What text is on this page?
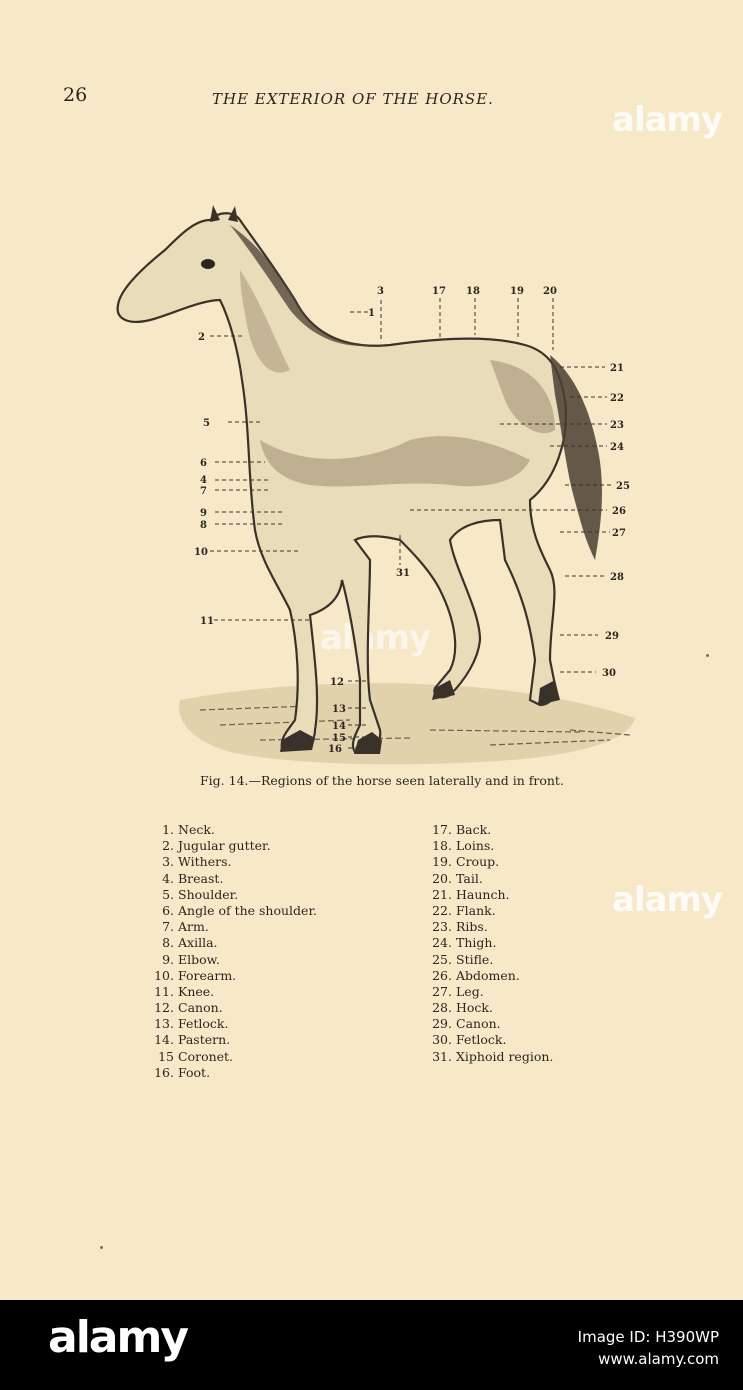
26	THE EXTERIOR OF THE HORSE.
alamy
alamy
alamy
2
5
6
4
7
9
8
10
11
12
13
14
15
16
3
1
17 18	19 20
21
22
23
24
25
26
27
28
29
30
31
Fig. 14.—Regions of the horse seen laterally and in front.
1. Neck.
2. Jugular gutter.
3. Withers.
4. Breast.
5. Shoulder.
6. Angle of the shoulder.
7. Arm.
8. Axilla.
9. Elbow.
10. Forearm.
11. Knee.
12. Canon.
13. Fetlock.
14. Pastern.
15 Coronet.
16. Foot.
17. Back.
18. Loins.
19. Croup.
20. Tail.
21. Haunch.
22. Flank.
23. Ribs.
24. Thigh.
25. Stifle.
26. Abdomen.
27. Leg.
28. Hock.
29. Canon.
30. Fetlock.
31. Xiphoid region.
alamy	Image ID: H390WP
www.alamy.com
